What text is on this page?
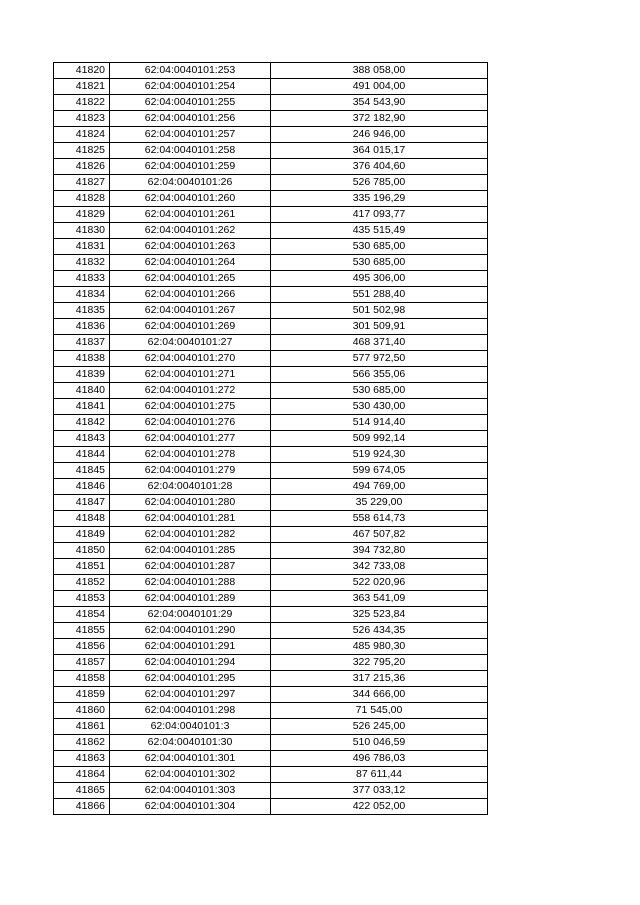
41820	62:04:0040101:253	388 058,00
41821	62:04:0040101:254	491 004,00
41822	62:04:0040101:255	354 543,90
41823	62:04:0040101:256	372 182,90
41824	62:04:0040101:257	246 946,00
41825	62:04:0040101:258	364 015,17
41826	62:04:0040101:259	376 404,60
41827	62:04:0040101:26	526 785,00
41828	62:04:0040101:260	335 196,29
41829	62:04:0040101:261	417 093,77
41830	62:04:0040101:262	435 515,49
41831	62:04:0040101:263	530 685,00
41832	62:04:0040101:264	530 685,00
41833	62:04:0040101:265	495 306,00
41834	62:04:0040101:266	551 288,40
41835	62:04:0040101:267	501 502,98
41836	62:04:0040101:269	301 509,91
41837	62:04:0040101:27	468 371,40
41838	62:04:0040101:270	577 972,50
41839	62:04:0040101:271	566 355,06
41840	62:04:0040101:272	530 685,00
41841	62:04:0040101:275	530 430,00
41842	62:04:0040101:276	514 914,40
41843	62:04:0040101:277	509 992,14
41844	62:04:0040101:278	519 924,30
41845	62:04:0040101:279	599 674,05
41846	62:04:0040101:28	494 769,00
41847	62:04:0040101:280	35 229,00
41848	62:04:0040101:281	558 614,73
41849	62:04:0040101:282	467 507,82
41850	62:04:0040101:285	394 732,80
41851	62:04:0040101:287	342 733,08
41852	62:04:0040101:288	522 020,96
41853	62:04:0040101:289	363 541,09
41854	62:04:0040101:29	325 523,84
41855	62:04:0040101:290	526 434,35
41856	62:04:0040101:291	485 980,30
41857	62:04:0040101:294	322 795,20
41858	62:04:0040101:295	317 215,36
41859	62:04:0040101:297	344 666,00
41860	62:04:0040101:298	71 545,00
41861	62:04:0040101:3	526 245,00
41862	62:04:0040101:30	510 046,59
41863	62:04:0040101:301	496 786,03
41864	62:04:0040101:302	87 611,44
41865	62:04:0040101:303	377 033,12
41866	62:04:0040101:304	422 052,00
